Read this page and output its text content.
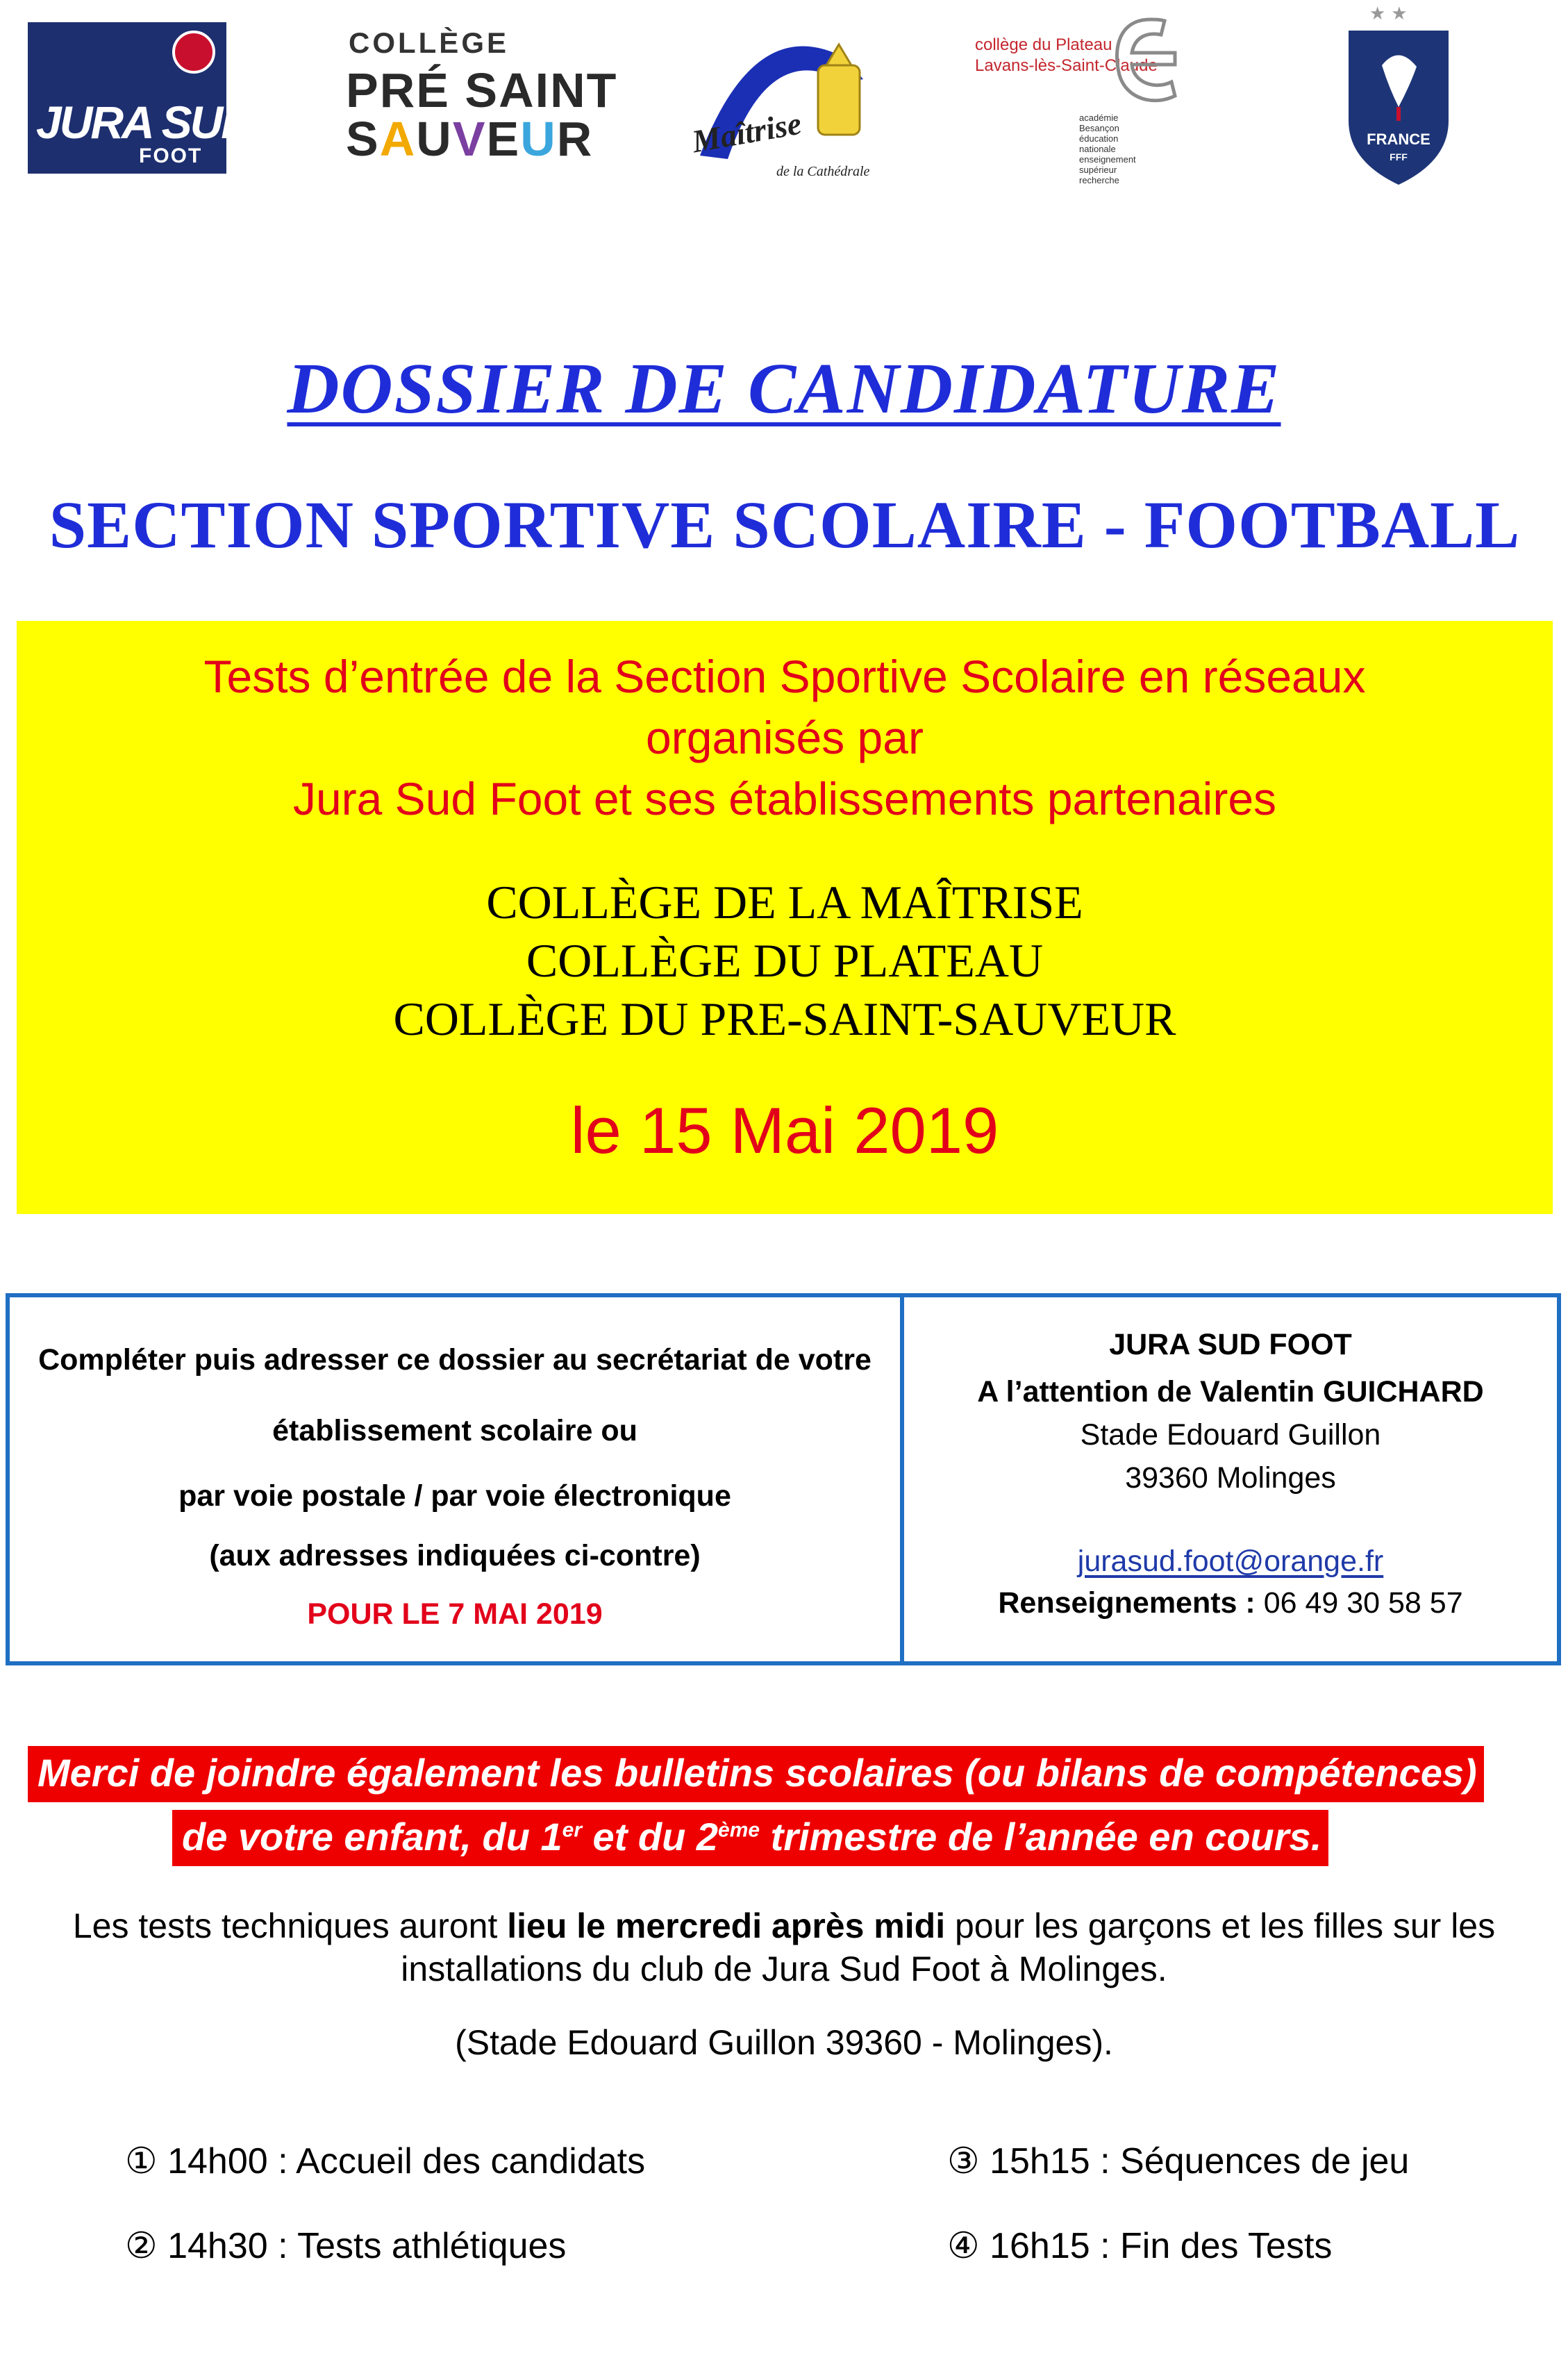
JURA SUD
FOOT
COLLÈGE
PRÉ SAINT
SAUVEUR	Maîtrise
de la Cathédrale
collège du Plateau
Lavans-lès-Saint-Claude
académie
Besançon
éducation
nationale
enseignement
supérieur
recherche
★★
FRANCE
FFF
DOSSIER DE CANDIDATURE
SECTION SPORTIVE SCOLAIRE - FOOTBALL
Tests d’entrée de la Section Sportive Scolaire en réseaux
organisés par
Jura Sud Foot et ses établissements partenaires
COLLÈGE DE LA MAÎTRISE
COLLÈGE DU PLATEAU
COLLÈGE DU PRE-SAINT-SAUVEUR
le 15 Mai 2019
Compléter puis adresser ce dossier au secrétariat de votre
établissement scolaire ou
par voie postale / par voie électronique
(aux adresses indiquées ci-contre)
POUR LE 7 MAI 2019
JURA SUD FOOT
A l’attention de Valentin GUICHARD
Stade Edouard Guillon
39360 Molinges
jurasud.foot@orange.fr
Renseignements : 06 49 30 58 57
Merci de joindre également les bulletins scolaires (ou bilans de compétences)
de votre enfant, du 1er et du 2ème trimestre de l’année en cours.
Les tests techniques auront lieu le mercredi après midi pour les garçons et les filles sur les
installations du club de Jura Sud Foot à Molinges.
(Stade Edouard Guillon 39360 - Molinges).
① 14h00 : Accueil des candidats
② 14h30 : Tests athlétiques
③ 15h15 : Séquences de jeu
④ 16h15 : Fin des Tests
